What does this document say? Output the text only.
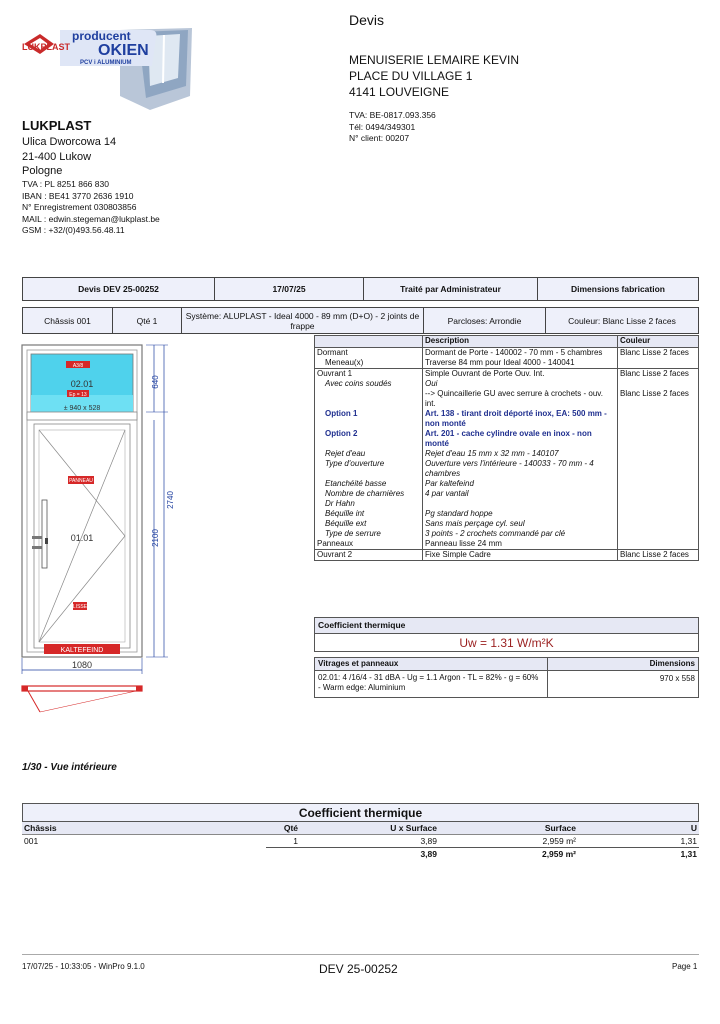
LUKPLAST
producent
OKIEN
PCV i ALUMINIUM
Devis
MENUISERIE LEMAIRE KEVIN
PLACE DU VILLAGE 1
4141 LOUVEIGNE
TVA: BE-0817.093.356
Tél: 0494/349301
N° client: 00207
LUKPLAST
Ulica Dworcowa 14
21-400 Lukow
Pologne
TVA : PL 8251 866 830
IBAN : BE41 3770 2636 1910
N° Enregistrement 030803856
MAIL : edwin.stegeman@lukplast.be
GSM : +32/(0)493.56.48.11
Devis DEV 25-00252	17/07/25	Traité par Administrateur	Dimensions fabrication
Châssis 001	Qté 1	Système: ALUPLAST - Ideal 4000 - 89 mm (D+O) - 2 joints de frappe	Parcloses: Arrondie	Couleur: Blanc Lisse 2 faces
A3/8
02.01
Ep = 13
± 940 x 528
PANNEAU
01.01
LISSE
KALTEFEIND
640
2100
2740
1080
	Description	Couleur
Dormant	Dormant de Porte - 140002 - 70 mm - 5 chambres	Blanc Lisse 2 faces
Meneau(x)	Traverse 84 mm pour Ideal 4000 - 140041	
Ouvrant 1	Simple Ouvrant de Porte Ouv. Int.	Blanc Lisse 2 faces
Avec coins soudés	Oui	
	--> Quincaillerie GU avec serrure à crochets - ouv. int.	Blanc Lisse 2 faces
Option 1	Art. 138 - tirant droit déporté inox, EA: 500 mm - non monté	
Option 2	Art. 201 - cache cylindre ovale en inox - non monté	
Rejet d'eau	Rejet d'eau 15 mm x 32 mm - 140107	
Type d'ouverture	Ouverture vers l'intérieure - 140033 - 70 mm - 4 chambres	
Etanchéité basse	Par kaltefeind	
Nombre de charnières	4 par vantail	
Dr Hahn		
Béquille int	Pg standard hoppe	
Béquille ext	Sans mais perçage cyl. seul	
Type de serrure	3 points - 2 crochets commandé par clé	
Panneaux	Panneau lisse 24 mm	
Ouvrant 2	Fixe Simple Cadre	Blanc Lisse 2 faces
Coefficient thermique
Uw = 1.31 W/m²K
Vitrages et panneaux	Dimensions
02.01: 4 /16/4 - 31 dBA - Ug = 1.1 Argon - TL = 82% - g = 60% - Warm edge: Aluminium
970 x 558
1/30 - Vue intérieure
Coefficient thermique
Châssis	Qté	U x Surface	Surface	U
001	1	3,89	2,959 m²	1,31
		3,89	2,959 m²	1,31
17/07/25 - 10:33:05 - WinPro 9.1.0	DEV 25-00252	Page 1
